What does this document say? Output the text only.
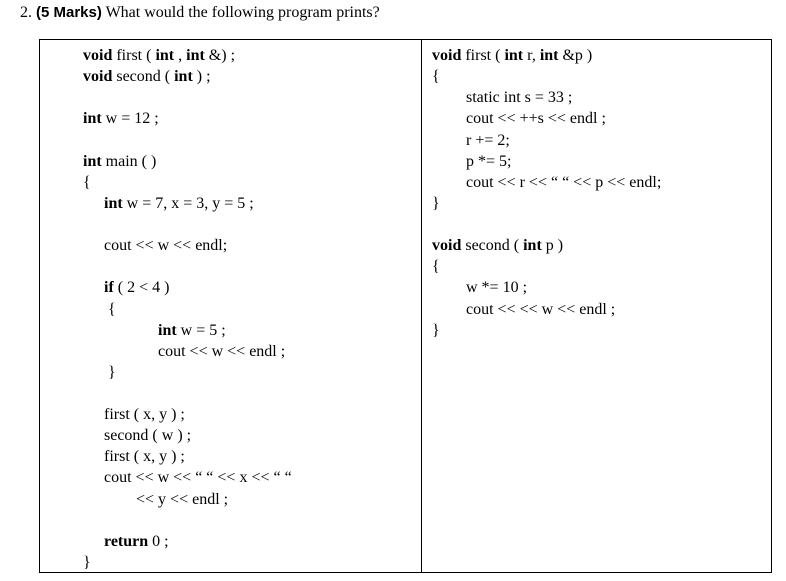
2. (5 Marks) What would the following program prints?
void first ( int , int &) ;
void second ( int ) ;
int w = 12 ;
int main ( )
{
int w = 7, x = 3, y = 5 ;
cout << w << endl;
if ( 2 < 4 )
{
int w = 5 ;
cout << w << endl ;
}
first ( x, y ) ;
second ( w ) ;
first ( x, y ) ;
cout << w << “ “ << x << “ “
<< y << endl ;
return 0 ;
}
void first ( int r, int &p )
{
static int s = 33 ;
cout << ++s << endl ;
r += 2;
p *= 5;
cout << r << “ “ << p << endl;
}
void second ( int p )
{
w *= 10 ;
cout << << w << endl ;
}
